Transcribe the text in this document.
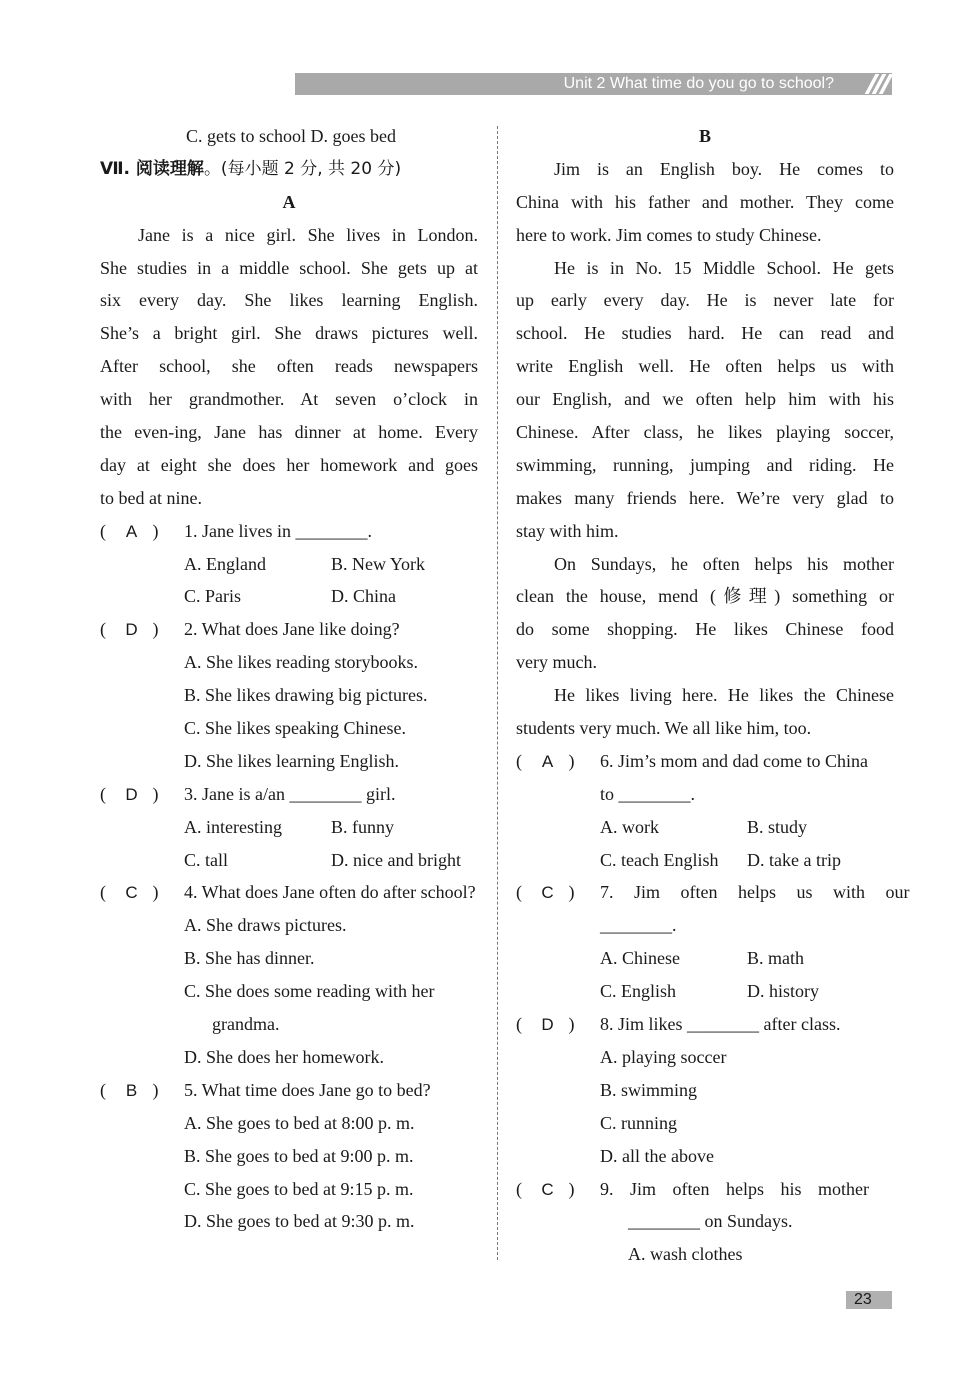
Unit 2 What time do you go to school?
C. gets to school D. goes bed
Ⅶ. 阅读理解。(每小题 2 分, 共 20 分)
A
Jane is a nice girl. She lives in London.
She studies in a middle school. She gets up at
six every day. She likes learning English.
She’s a bright girl. She draws pictures well.
After school, she often reads newspapers
with her grandmother. At seven o’clock in
the even-ing, Jane has dinner at home. Every
day at eight she does her homework and goes
to bed at nine.
( A )	1. Jane lives in ________.
A. England	B. New York
C. Paris	D. China
( D )	2. What does Jane like doing?
A. She likes reading storybooks.
B. She likes drawing big pictures.
C. She likes speaking Chinese.
D. She likes learning English.
( D )	3. Jane is a/an ________ girl.
A. interesting	B. funny
C. tall	D. nice and bright
( C )	4. What does Jane often do after school?
A. She draws pictures.
B. She has dinner.
C. She does some reading with her
grandma.
D. She does her homework.
( B )	5. What time does Jane go to bed?
A. She goes to bed at 8:00 p. m.
B. She goes to bed at 9:00 p. m.
C. She goes to bed at 9:15 p. m.
D. She goes to bed at 9:30 p. m.
B
Jim is an English boy. He comes to
China with his father and mother. They come
here to work. Jim comes to study Chinese.
He is in No. 15 Middle School. He gets
up early every day. He is never late for
school. He studies hard. He can read and
write English well. He often helps us with
our English, and we often help him with his
Chinese. After class, he likes playing soccer,
swimming, running, jumping and riding. He
makes many friends here. We’re very glad to
stay with him.
On Sundays, he often helps his mother
clean the house, mend (修理) something or
do some shopping. He likes Chinese food
very much.
He likes living here. He likes the Chinese
students very much. We all like him, too.
( A )	6. Jim’s mom and dad come to China
to ________.
A. work	B. study
C. teach English	D. take a trip
( C )	7. Jim often helps us with our
________.
A. Chinese	B. math
C. English	D. history
( D )	8. Jim likes ________ after class.
A. playing soccer
B. swimming
C. running
D. all the above
( C )	9. Jim often helps his mother
________ on Sundays.
A. wash clothes
23
